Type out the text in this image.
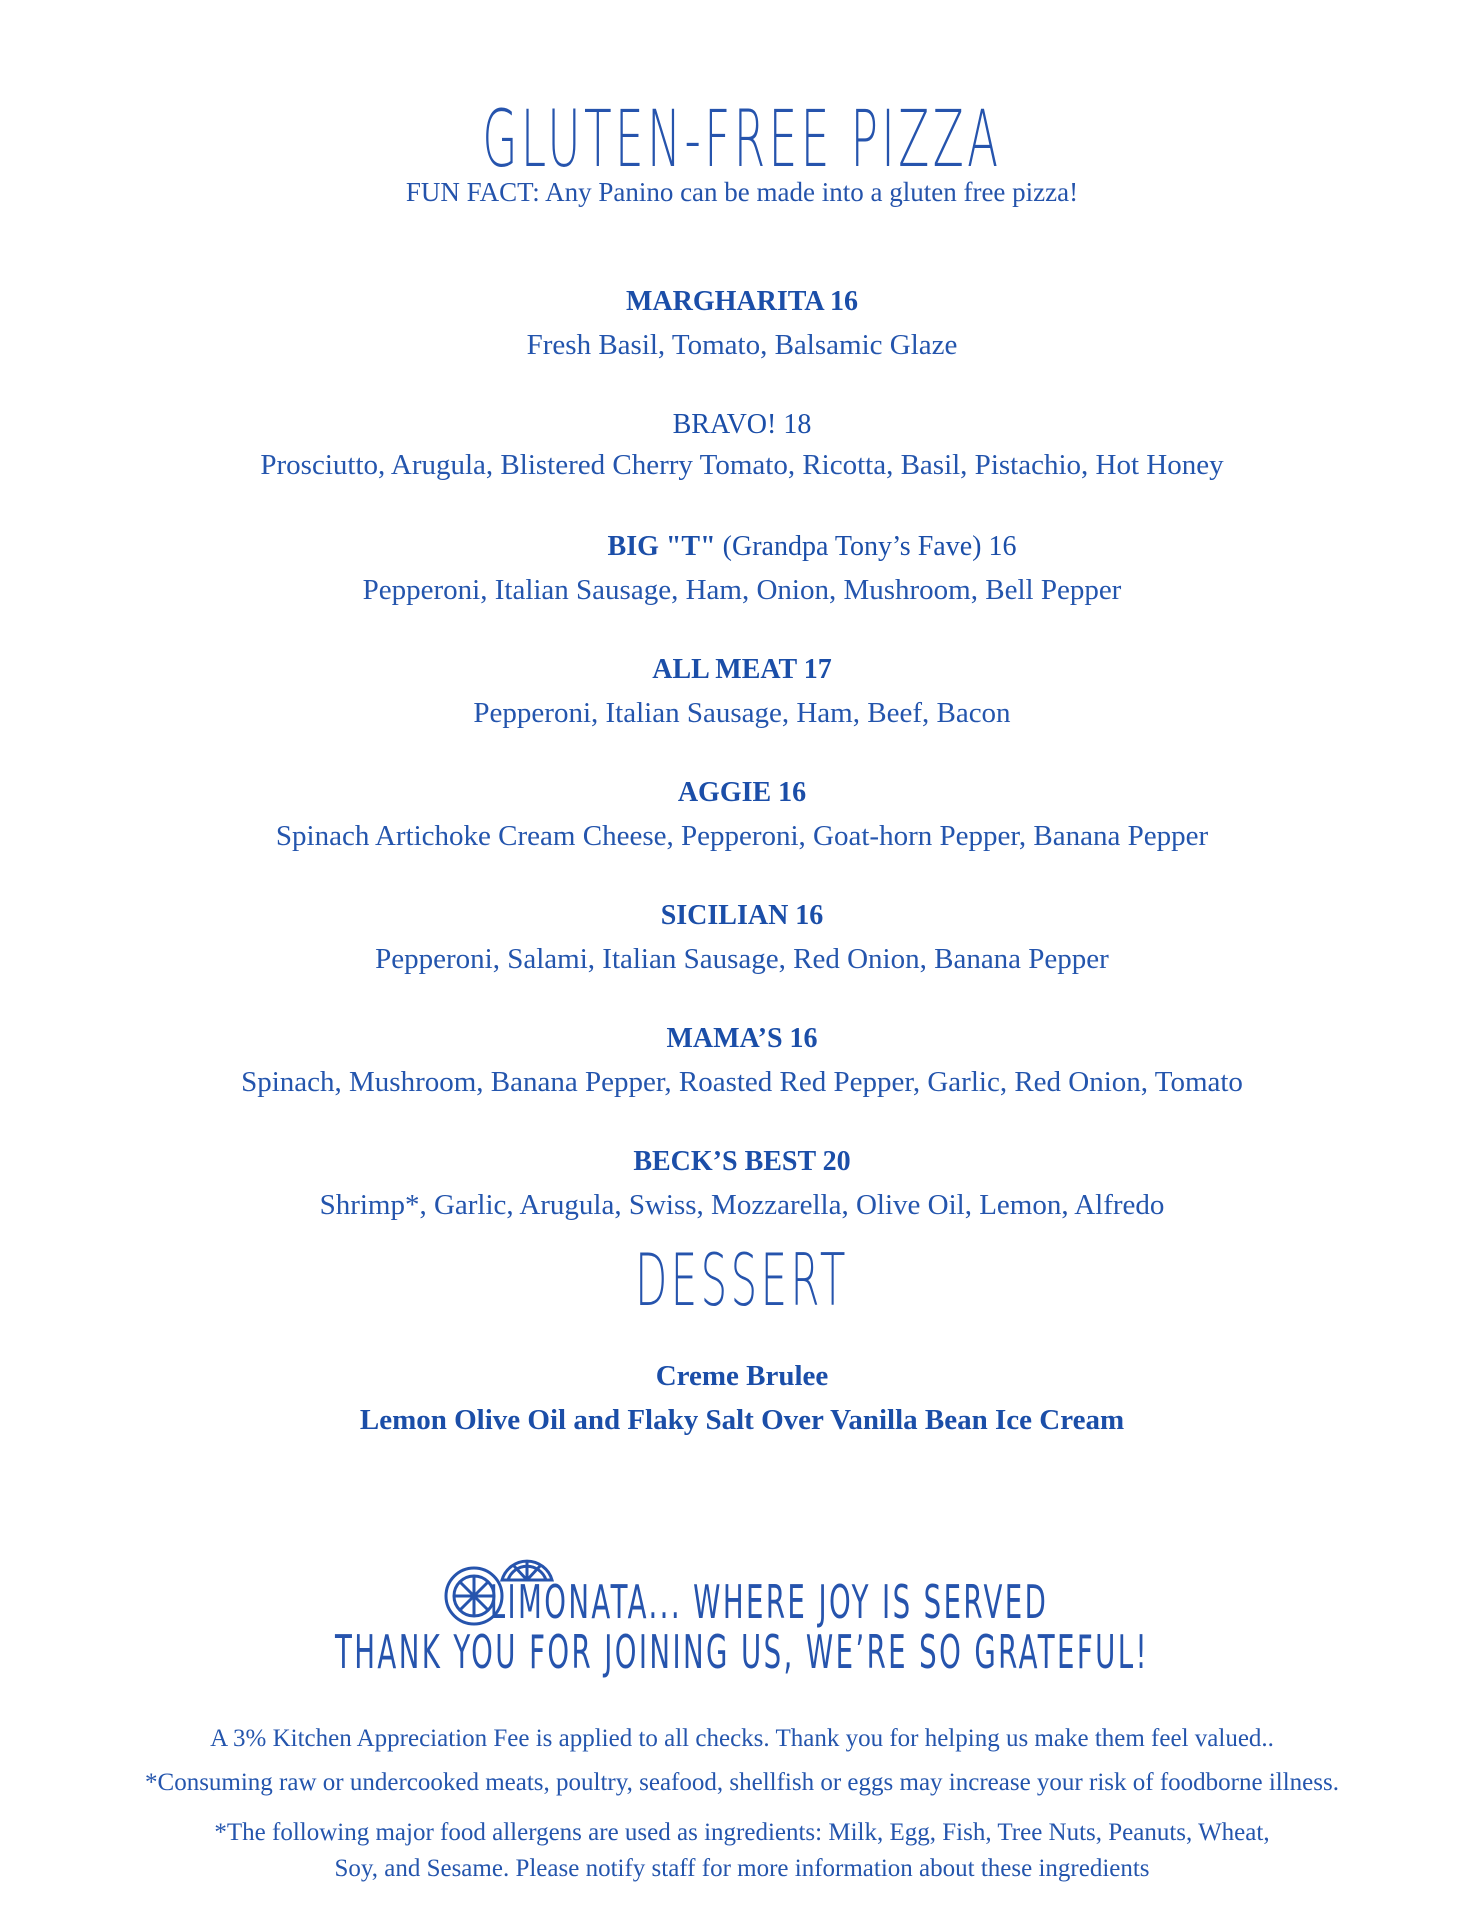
GLUTEN-FREE PIZZA
FUN FACT: Any Panino can be made into a gluten free pizza!
MARGHARITA 16
Fresh Basil, Tomato, Balsamic Glaze
BRAVO! 18
Prosciutto, Arugula, Blistered Cherry Tomato, Ricotta, Basil, Pistachio, Hot Honey
BIG "T" (Grandpa Tony’s Fave) 16
Pepperoni, Italian Sausage, Ham, Onion, Mushroom, Bell Pepper
ALL MEAT 17
Pepperoni, Italian Sausage, Ham, Beef, Bacon
AGGIE 16
Spinach Artichoke Cream Cheese, Pepperoni, Goat-horn Pepper, Banana Pepper
SICILIAN 16
Pepperoni, Salami, Italian Sausage, Red Onion, Banana Pepper
MAMA’S 16
Spinach, Mushroom, Banana Pepper, Roasted Red Pepper, Garlic, Red Onion, Tomato
BECK’S BEST 20
Shrimp*, Garlic, Arugula, Swiss, Mozzarella, Olive Oil, Lemon, Alfredo
DESSERT
Creme Brulee
Lemon Olive Oil and Flaky Salt Over Vanilla Bean Ice Cream
LIMONATA... WHERE JOY IS SERVED
THANK YOU FOR JOINING US, WE’RE SO GRATEFUL!
A 3% Kitchen Appreciation Fee is applied to all checks. Thank you for helping us make them feel valued..
*Consuming raw or undercooked meats, poultry, seafood, shellfish or eggs may increase your risk of foodborne illness.
*The following major food allergens are used as ingredients: Milk, Egg, Fish, Tree Nuts, Peanuts, Wheat,
Soy, and Sesame. Please notify staff for more information about these ingredients
